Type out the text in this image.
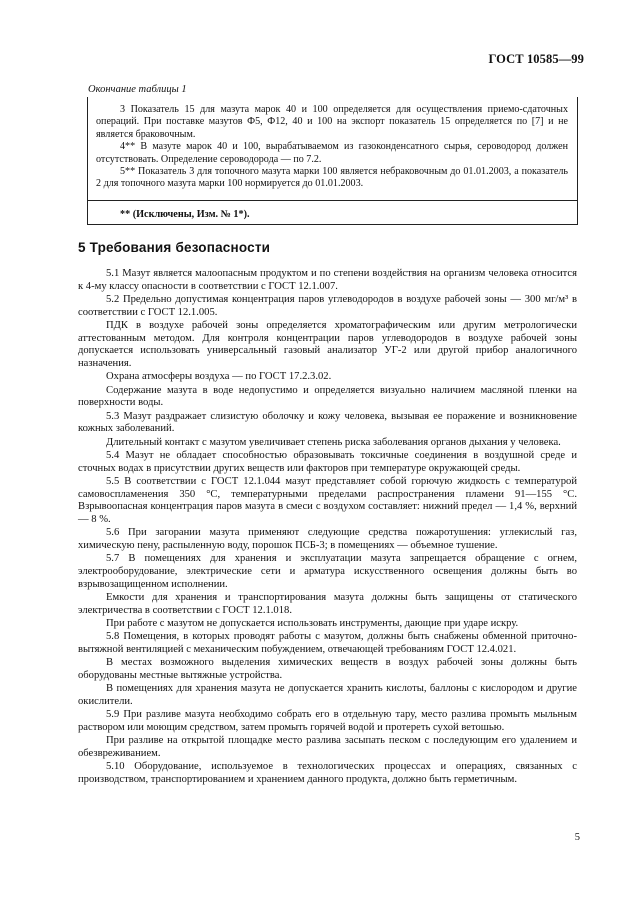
ГОСТ 10585—99
Окончание таблицы 1

3 Показатель 15 для мазута марок 40 и 100 определяется для осуществления приемо-сдаточных операций. При поставке мазутов Ф5, Ф12, 40 и 100 на экспорт показатель 15 определяется по [7] и не является браковочным.

4** В мазуте марок 40 и 100, вырабатываемом из газоконденсатного сырья, сероводород должен отсутствовать. Определение сероводорода — по 7.2.

5** Показатель 3 для топочного мазута марки 100 является небраковочным до 01.01.2003, а показатель 2 для топочного мазута марки 100 нормируется до 01.01.2003.

** (Исключены, Изм. № 1*).
5 Требования безопасности

5.1 Мазут является малоопасным продуктом и по степени воздействия на организм человека относится к 4-му классу опасности в соответствии с ГОСТ 12.1.007.

5.2 Предельно допустимая концентрация паров углеводородов в воздухе рабочей зоны — 300 мг/м³ в соответствии с ГОСТ 12.1.005.

ПДК в воздухе рабочей зоны определяется хроматографическим или другим метрологически аттестованным методом. Для контроля концентрации паров углеводородов в воздухе рабочей зоны допускается использовать универсальный газовый анализатор УГ-2 или другой прибор аналогичного назначения.

Охрана атмосферы воздуха — по ГОСТ 17.2.3.02.

Содержание мазута в воде недопустимо и определяется визуально наличием масляной пленки на поверхности воды.

5.3 Мазут раздражает слизистую оболочку и кожу человека, вызывая ее поражение и возникновение кожных заболеваний.

Длительный контакт с мазутом увеличивает степень риска заболевания органов дыхания у человека.

5.4 Мазут не обладает способностью образовывать токсичные соединения в воздушной среде и сточных водах в присутствии других веществ или факторов при температуре окружающей среды.

5.5 В соответствии с ГОСТ 12.1.044 мазут представляет собой горючую жидкость с температурой самовоспламенения 350 °С, температурными пределами распространения пламени 91—155 °С. Взрывоопасная концентрация паров мазута в смеси с воздухом составляет: нижний предел — 1,4 %, верхний — 8 %.

5.6 При загорании мазута применяют следующие средства пожаротушения: углекислый газ, химическую пену, распыленную воду, порошок ПСБ-3; в помещениях — объемное тушение.

5.7 В помещениях для хранения и эксплуатации мазута запрещается обращение с огнем, электрооборудование, электрические сети и арматура искусственного освещения должны быть во взрывозащищенном исполнении.

Емкости для хранения и транспортирования мазута должны быть защищены от статического электричества в соответствии с ГОСТ 12.1.018.

При работе с мазутом не допускается использовать инструменты, дающие при ударе искру.

5.8 Помещения, в которых проводят работы с мазутом, должны быть снабжены обменной приточно-вытяжной вентиляцией с механическим побуждением, отвечающей требованиям ГОСТ 12.4.021.

В местах возможного выделения химических веществ в воздух рабочей зоны должны быть оборудованы местные вытяжные устройства.

В помещениях для хранения мазута не допускается хранить кислоты, баллоны с кислородом и другие окислители.

5.9 При разливе мазута необходимо собрать его в отдельную тару, место разлива промыть мыльным раствором или моющим средством, затем промыть горячей водой и протереть сухой ветошью.

При разливе на открытой площадке место разлива засыпать песком с последующим его удалением и обезвреживанием.

5.10 Оборудование, используемое в технологических процессах и операциях, связанных с производством, транспортированием и хранением данного продукта, должно быть герметичным.

5
